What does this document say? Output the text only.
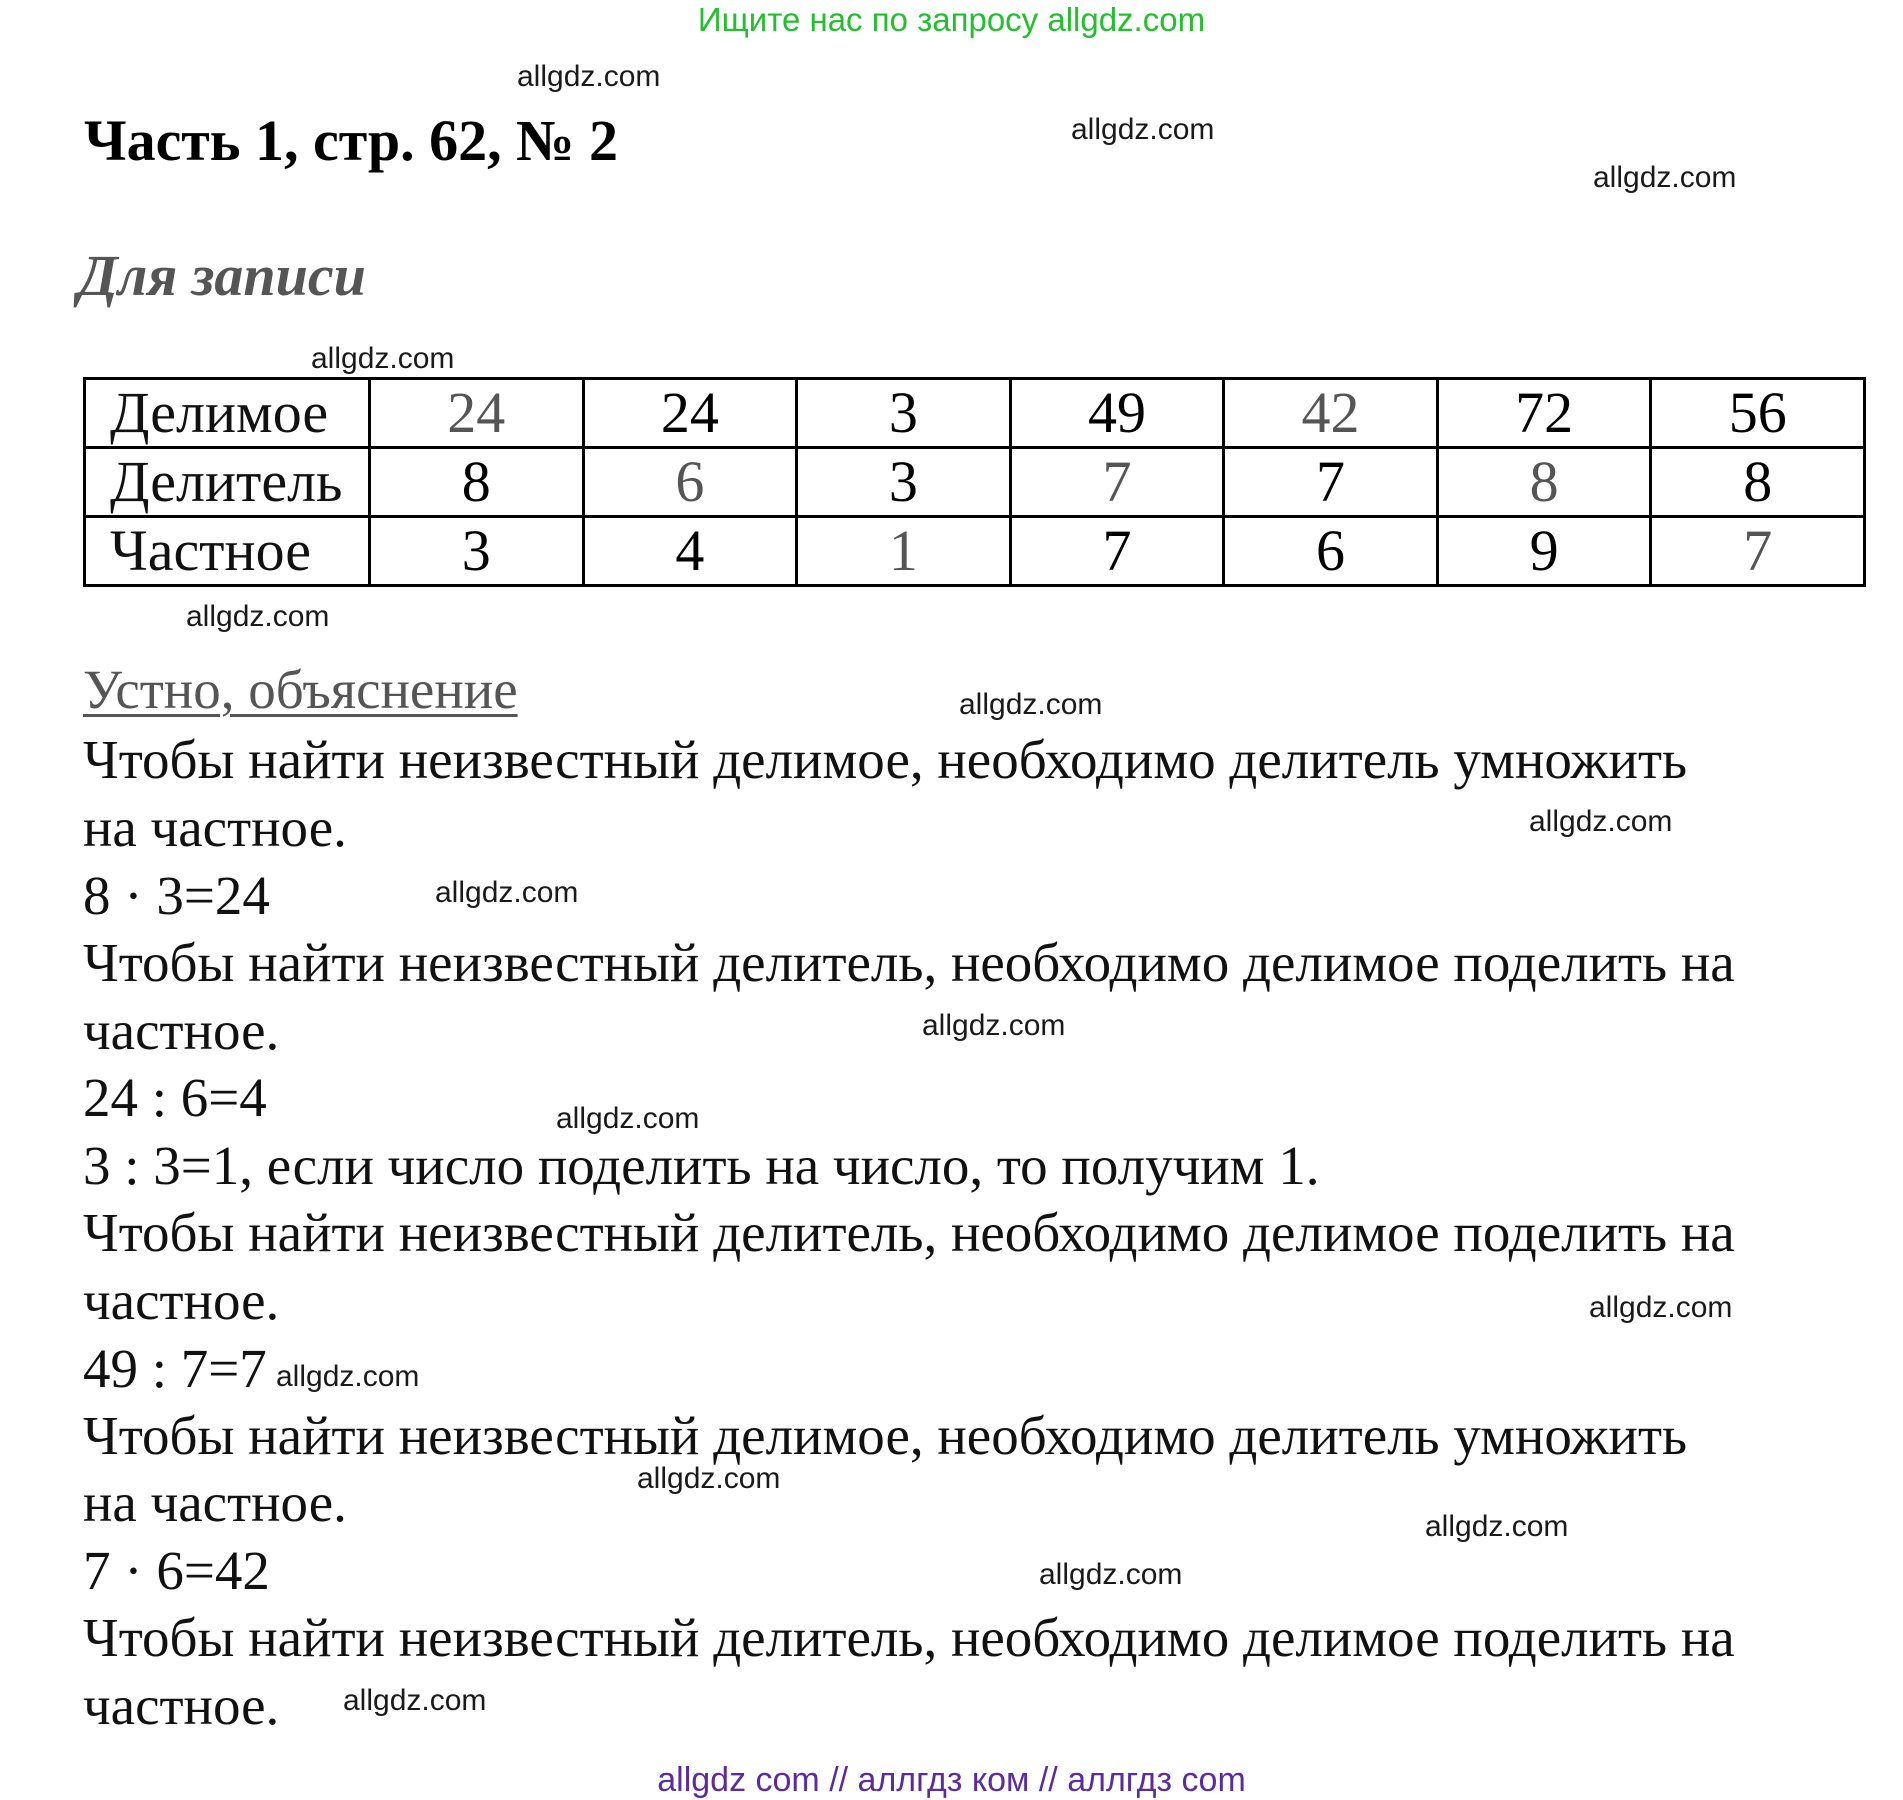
Ищите нас по запросу allgdz.com
Часть 1, стр. 62, № 2
Для записи
Делимое	24	24	3	49	42	72	56
Делитель	8	6	3	7	7	8	8
Частное	3	4	1	7	6	9	7
Устно, объяснение
Чтобы найти неизвестный делимое, необходимо делитель умножить
на частное.
8 · 3=24
Чтобы найти неизвестный делитель, необходимо делимое поделить на
частное.
24 : 6=4
3 : 3=1, если число поделить на число, то получим 1.
Чтобы найти неизвестный делитель, необходимо делимое поделить на
частное.
49 : 7=7
Чтобы найти неизвестный делимое, необходимо делитель умножить
на частное.
7 · 6=42
Чтобы найти неизвестный делитель, необходимо делимое поделить на
частное.
allgdz.com
allgdz.com
allgdz.com
allgdz.com
allgdz.com
allgdz.com
allgdz.com
allgdz.com
allgdz.com
allgdz.com
allgdz.com
allgdz.com
allgdz.com
allgdz.com
allgdz.com
allgdz.com
allgdz com // аллгдз ком // аллгдз com
